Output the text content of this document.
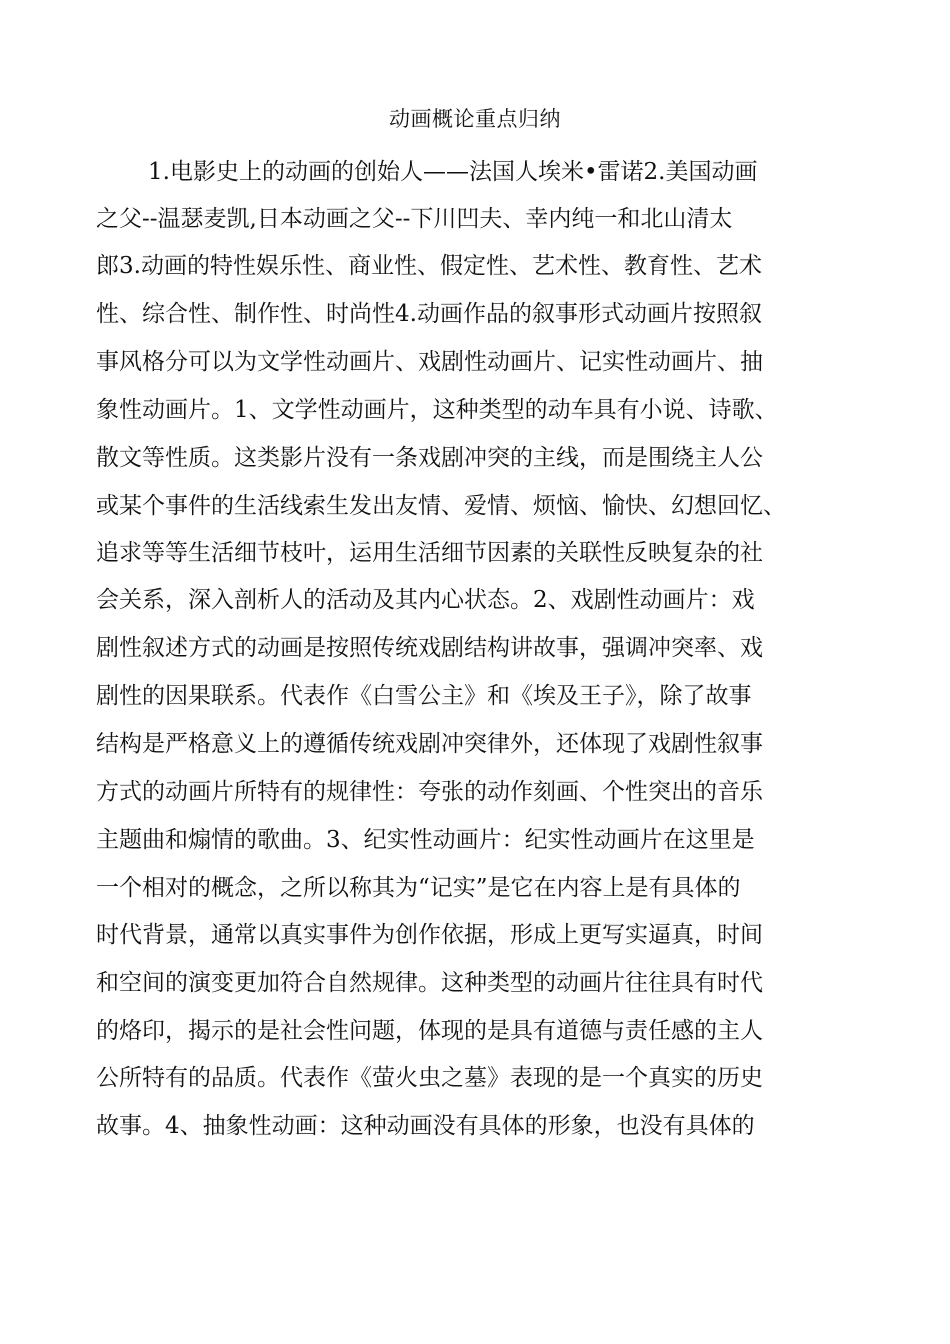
动画概论重点归纳
1.电影史上的动画的创始人——法国人埃米•雷诺2.美国动画
之父--温瑟麦凯,日本动画之父--下川凹夫、幸内纯一和北山清太
郎3.动画的特性娱乐性、商业性、假定性、艺术性、教育性、艺术
性、综合性、制作性、时尚性4.动画作品的叙事形式动画片按照叙
事风格分可以为文学性动画片、戏剧性动画片、记实性动画片、抽
象性动画片。1、文学性动画片，这种类型的动车具有小说、诗歌、
散文等性质。这类影片没有一条戏剧冲突的主线，而是围绕主人公
或某个事件的生活线索生发出友情、爱情、烦恼、愉快、幻想回忆、
追求等等生活细节枝叶，运用生活细节因素的关联性反映复杂的社
会关系，深入剖析人的活动及其内心状态。2、戏剧性动画片：戏
剧性叙述方式的动画是按照传统戏剧结构讲故事，强调冲突率、戏
剧性的因果联系。代表作《白雪公主》和《埃及王子》，除了故事
结构是严格意义上的遵循传统戏剧冲突律外，还体现了戏剧性叙事
方式的动画片所特有的规律性：夸张的动作刻画、个性突出的音乐
主题曲和煽情的歌曲。3、纪实性动画片：纪实性动画片在这里是
一个相对的概念，之所以称其为“记实”是它在内容上是有具体的
时代背景，通常以真实事件为创作依据，形成上更写实逼真，时间
和空间的演变更加符合自然规律。这种类型的动画片往往具有时代
的烙印，揭示的是社会性问题，体现的是具有道德与责任感的主人
公所特有的品质。代表作《萤火虫之墓》表现的是一个真实的历史
故事。4、抽象性动画：这种动画没有具体的形象，也没有具体的
